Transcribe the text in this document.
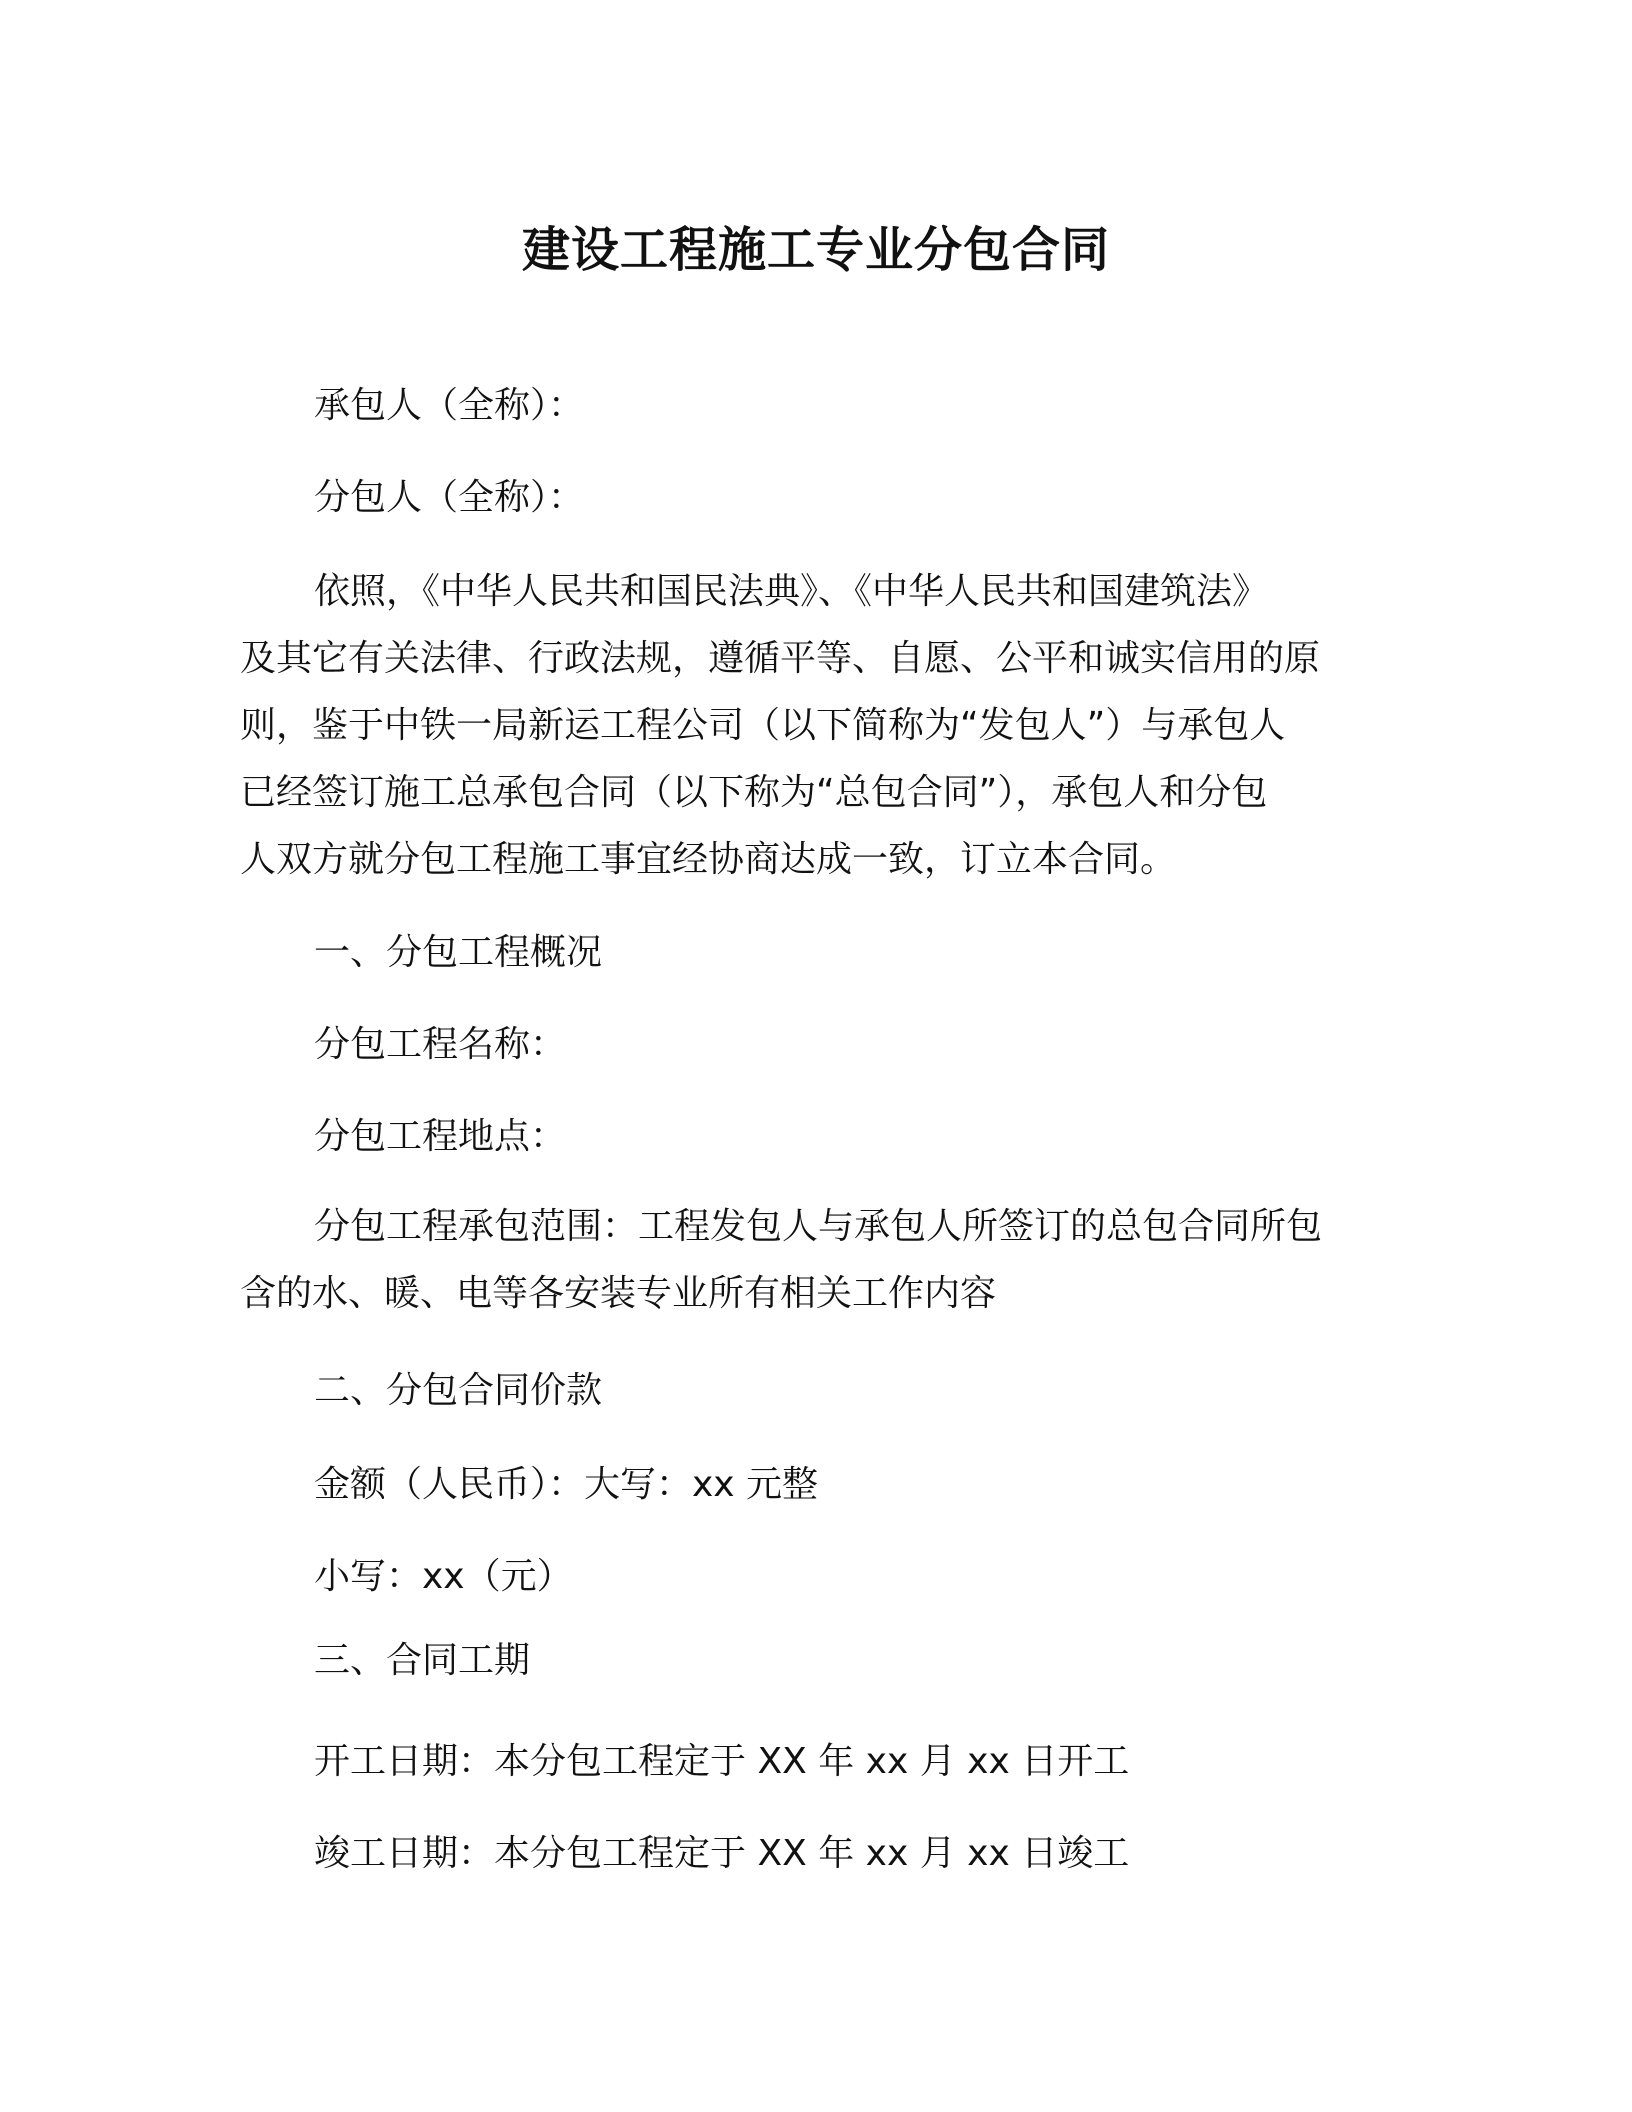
建设工程施工专业分包合同

承包人（全称）：

分包人（全称）：

依照，《中华人民共和国民法典》、《中华人民共和国建筑法》
及其它有关法律、行政法规，遵循平等、自愿、公平和诚实信用的原
则，鉴于中铁一局新运工程公司（以下简称为“发包人”）与承包人
已经签订施工总承包合同（以下称为“总包合同”），承包人和分包
人双方就分包工程施工事宜经协商达成一致，订立本合同。

一、分包工程概况

分包工程名称：

分包工程地点：

分包工程承包范围：工程发包人与承包人所签订的总包合同所包
含的水、暖、电等各安装专业所有相关工作内容

二、分包合同价款

金额（人民币）：大写：xx 元整

小写：xx（元）

三、合同工期

开工日期：本分包工程定于 XX 年 xx 月 xx 日开工

竣工日期：本分包工程定于 XX 年 xx 月 xx 日竣工
